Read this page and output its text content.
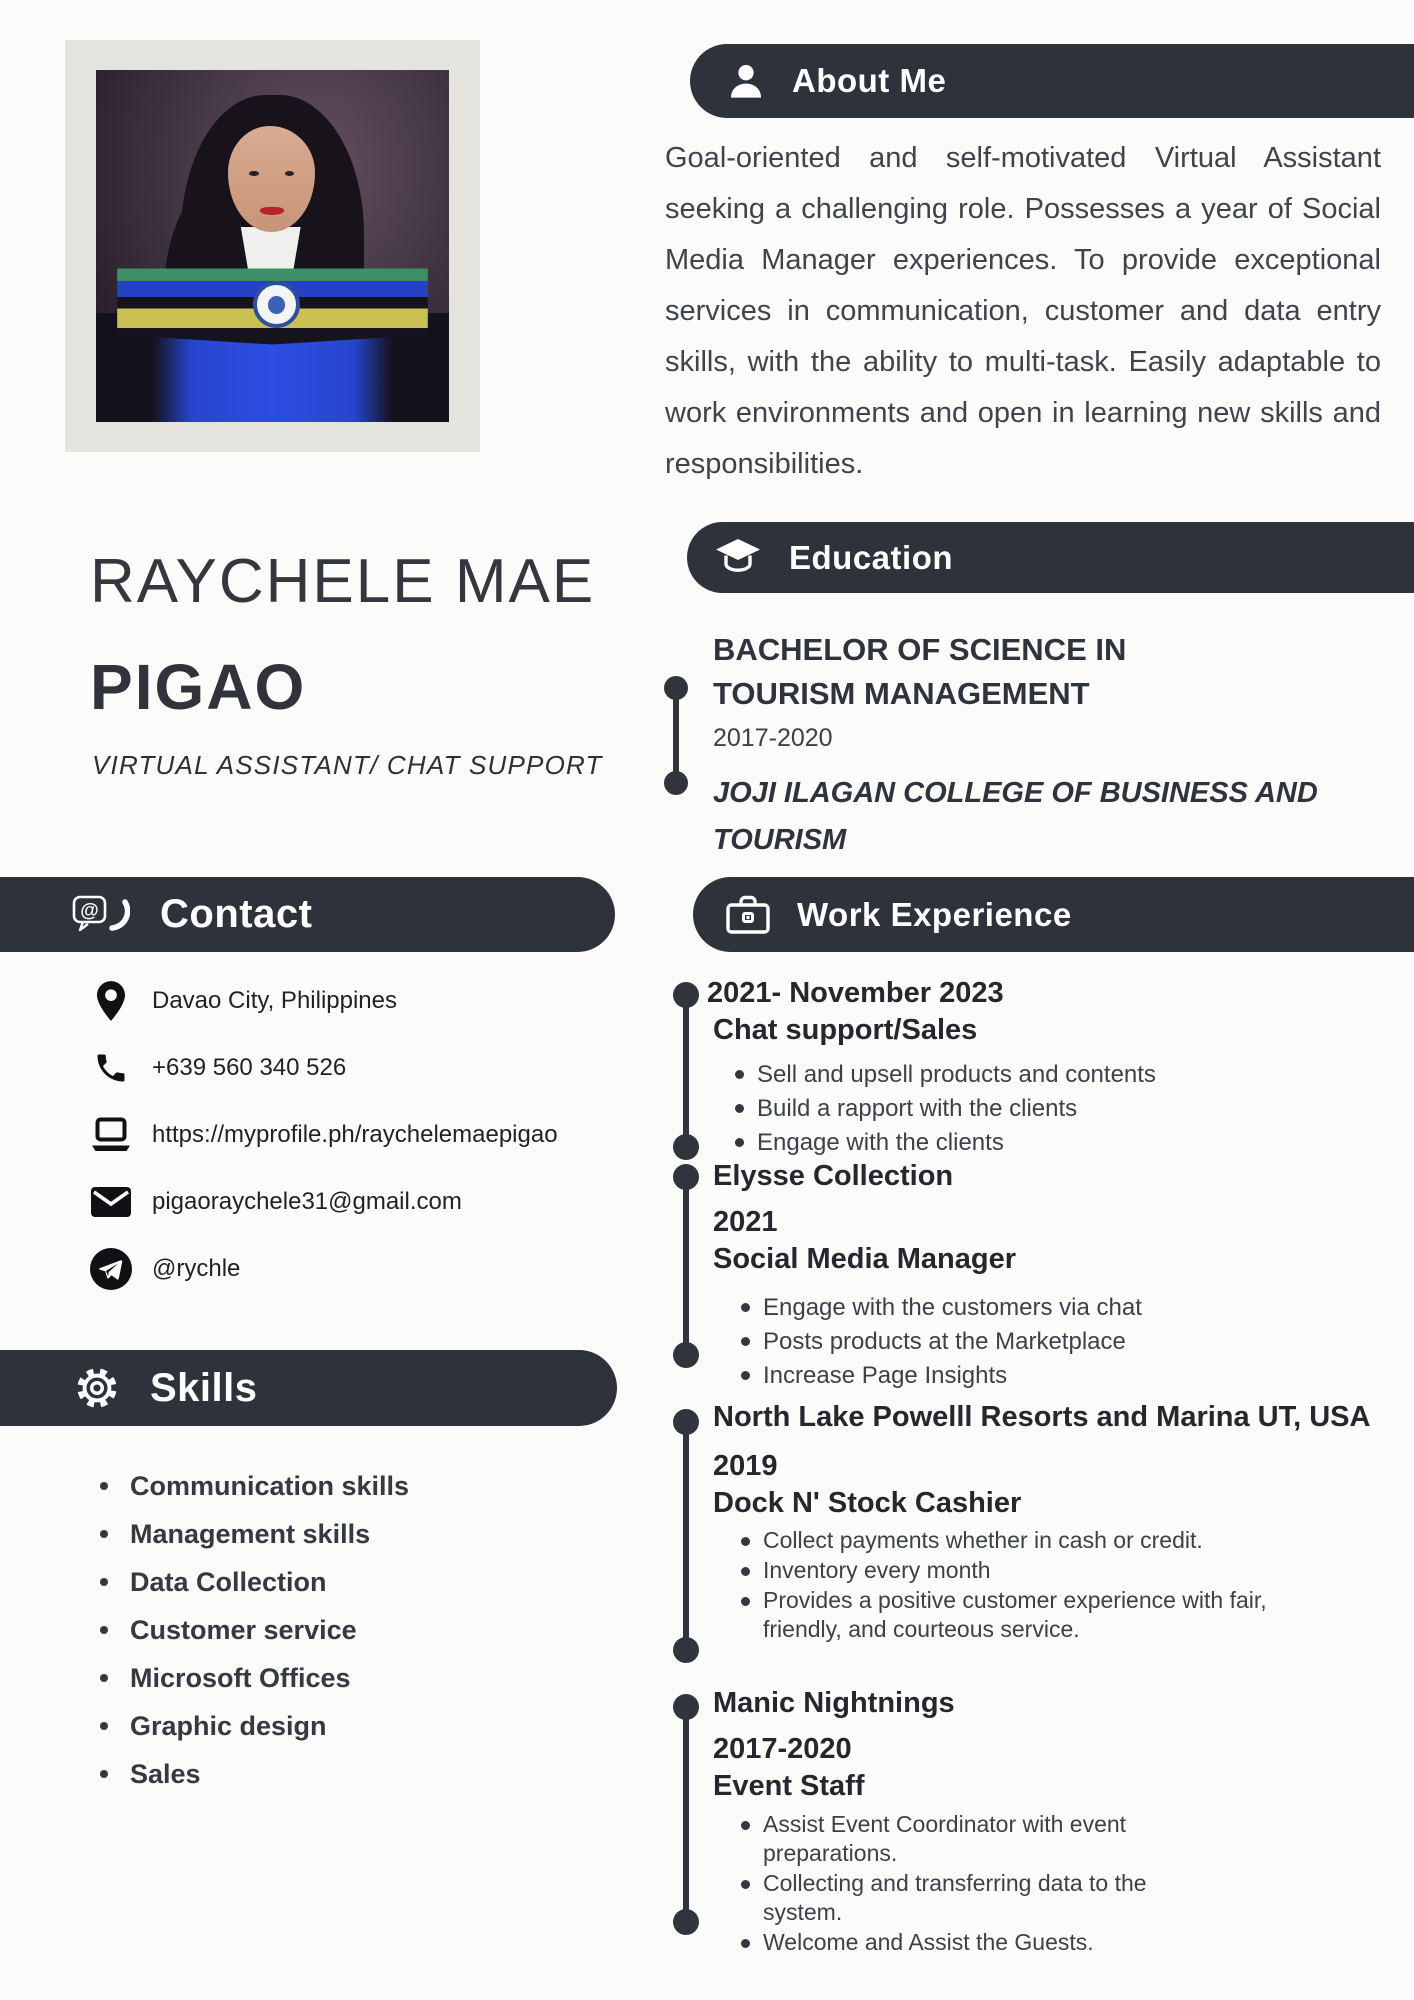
RAYCHELE MAE
PIGAO
VIRTUAL ASSISTANT/ CHAT SUPPORT
@ Contact
Davao City, Philippines
+639 560 340 526
https://myprofile.ph/raychelemaepigao
pigaoraychele31@gmail.com
@rychle
Skills
Communication skills
Management skills
Data Collection
Customer service
Microsoft Offices
Graphic design
Sales
About Me
Goal-oriented and self-motivated Virtual Assistant seeking a challenging role. Possesses a year of Social Media Manager experiences. To provide exceptional services in communication, customer and data entry skills, with the ability to multi-task. Easily adaptable to work environments and open in learning new skills and responsibilities.
Education
BACHELOR OF SCIENCE IN
TOURISM MANAGEMENT
2017-2020
JOJI ILAGAN COLLEGE OF BUSINESS AND TOURISM
Work Experience
2021- November 2023
Chat support/Sales
Sell and upsell products and contents
Build a rapport with the clients
Engage with the clients
Elysse Collection
2021
Social Media Manager
Engage with the customers via chat
Posts products at the Marketplace
Increase Page Insights
North Lake Powelll Resorts and Marina UT, USA
2019
Dock N' Stock Cashier
Collect payments whether in cash or credit.
Inventory every month
Provides a positive customer experience with fair, friendly, and courteous service.
Manic Nightnings
2017-2020
Event Staff
Assist Event Coordinator with event preparations.
Collecting and transferring data to the system.
Welcome and Assist the Guests.
